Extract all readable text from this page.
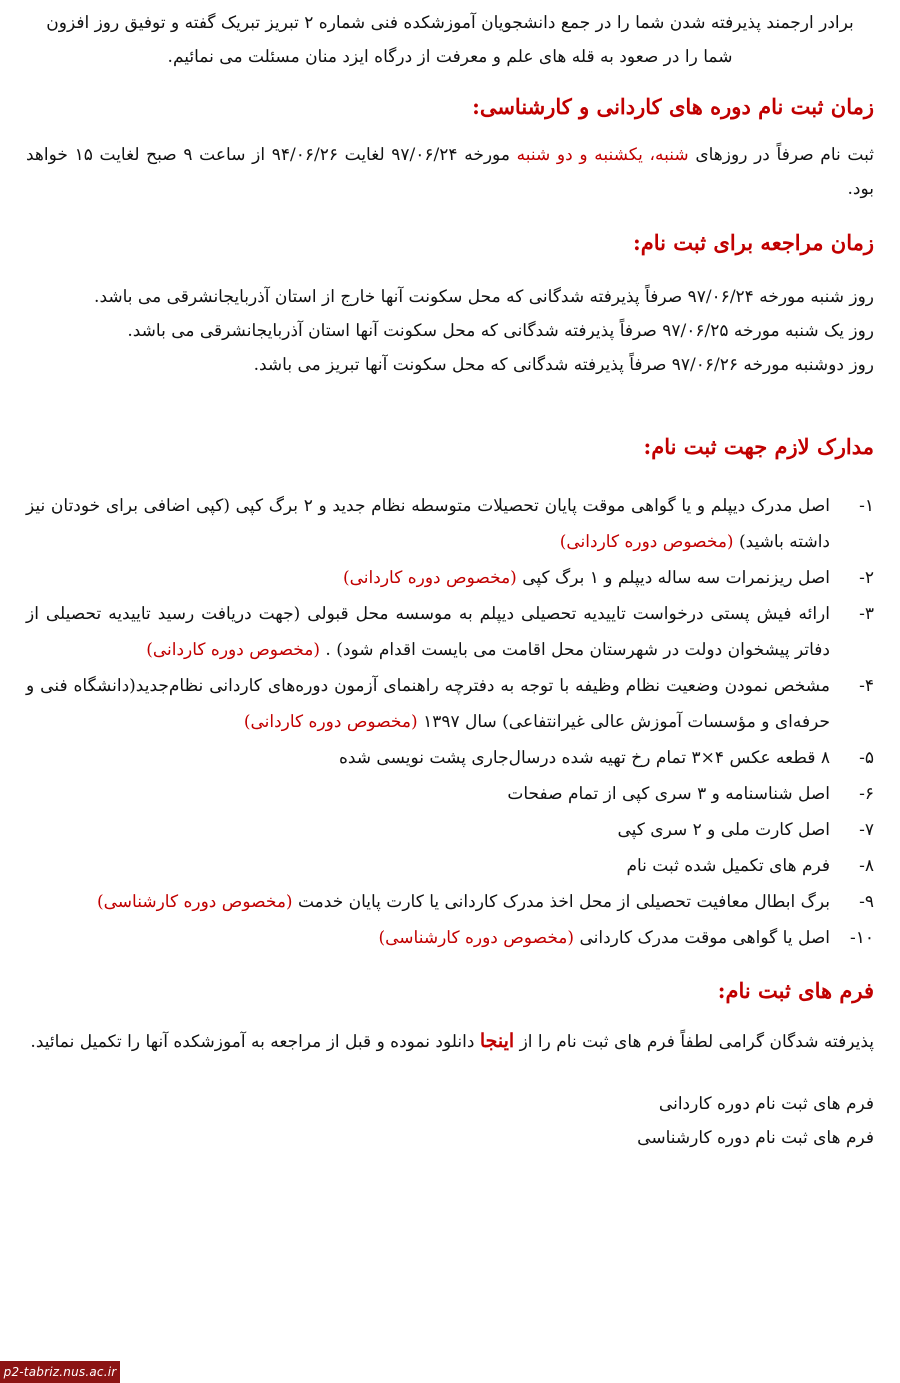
برادر ارجمند پذیرفته شدن شما را در جمع دانشجویان آموزشکده فنی شماره ۲ تبریز تبریک گفته و توفیق روز افزون

شما را در صعود به قله های علم و معرفت از درگاه ایزد منان مسئلت می نمائیم.

زمان ثبت نام دوره های کاردانی و کارشناسی:

ثبت نام صرفاً در روزهای شنبه، یکشنبه و دو شنبه مورخه ۹۷/۰۶/۲۴ لغایت ۹۴/۰۶/۲۶ از ساعت ۹ صبح لغایت ۱۵ خواهد بود.

زمان مراجعه برای ثبت نام:

روز شنبه مورخه ۹۷/۰۶/۲۴ صرفاً پذیرفته شدگانی که محل سکونت آنها خارج از استان آذربایجانشرقی می باشد.

روز یک شنبه مورخه ۹۷/۰۶/۲۵ صرفاً پذیرفته شدگانی که محل سکونت آنها استان آذربایجانشرقی می باشد.

روز دوشنبه مورخه ۹۷/۰۶/۲۶ صرفاً پذیرفته شدگانی که محل سکونت آنها تبریز می باشد.

مدارک لازم جهت ثبت نام:
۱-
اصل مدرک دیپلم و یا گواهی موقت پایان تحصیلات متوسطه نظام جدید و ۲ برگ کپی (کپی اضافی برای خودتان نیز داشته باشید) (مخصوص دوره کاردانی)
۲-
اصل ریزنمرات سه ساله دیپلم و ۱ برگ کپی (مخصوص دوره کاردانی)
۳-
ارائه فیش پستی درخواست تاییدیه تحصیلی دیپلم به موسسه محل قبولی (جهت دریافت رسید تاییدیه تحصیلی از دفاتر پیشخوان دولت در شهرستان محل اقامت می بایست اقدام شود) . (مخصوص دوره کاردانی)
۴-
مشخص نمودن وضعیت نظام وظیفه با توجه به دفترچه راهنمای آزمون دوره‌های کاردانی نظام‌جدید(دانشگاه فنی و حرفه‌ای و مؤسسات آموزش عالی غیرانتفاعی) سال ۱۳۹۷ (مخصوص دوره کاردانی)
۵-
۸ قطعه عکس ۴×۳ تمام رخ تهیه شده درسال‌جاری پشت نویسی شده
۶-
اصل شناسنامه و ۳ سری کپی از تمام صفحات
۷-
اصل کارت ملی و ۲ سری کپی
۸-
فرم های تکمیل شده ثبت نام
۹-
برگ ابطال معافیت تحصیلی از محل اخذ مدرک کاردانی یا کارت پایان خدمت (مخصوص دوره کارشناسی)
۱۰-
اصل یا گواهی موقت مدرک کاردانی (مخصوص دوره کارشناسی)
فرم های ثبت نام:

پذیرفته شدگان گرامی لطفاً فرم های ثبت نام را از اینجا دانلود نموده و قبل از مراجعه به آموزشکده آنها را تکمیل نمائید.

فرم های ثبت نام دوره کاردانی

فرم های ثبت نام دوره کارشناسی

p2-tabriz.nus.ac.ir
